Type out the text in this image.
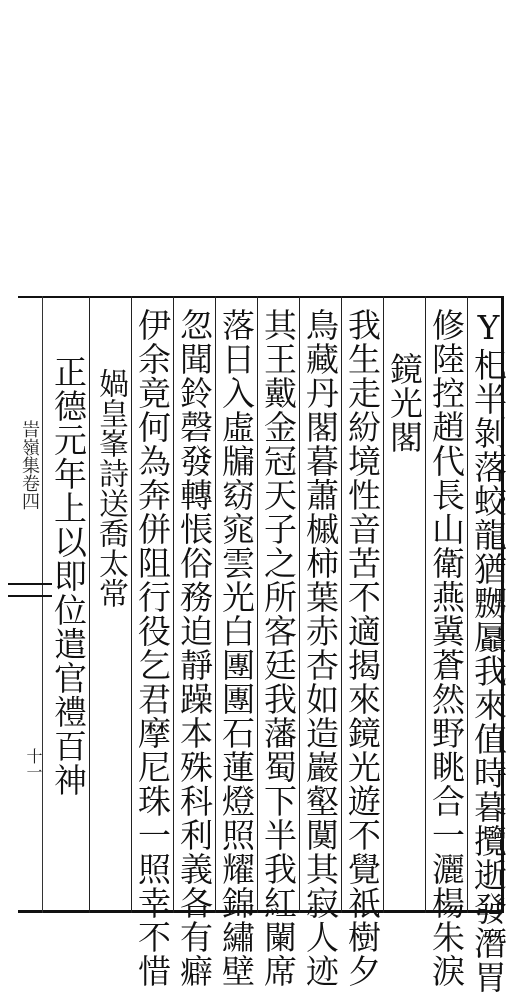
峕嶺集卷四
十一	Y𣏌半剝落蛟龍猶嬲屭我來值時暮攬逝發潛胃
修陸控趙代長山衛燕冀蒼然野眺合一灑楊朱淚
鏡光閣
我生走紛境性音苦不適揭來鏡光遊不覺祇樹夕
鳥藏丹閣暮蕭槭柿葉赤杏如造巖壑闃其寂人迹
其王戴金冠天子之所客廷我藩蜀下半我紅闌席
落日入虛牖窈窕雲光白團團石蓮燈照耀錦繡壁
忽聞鈴磬發轉悵俗務迫靜躁本殊科利義各有癖
伊余竟何為奔併阻行役乞君摩尼珠一照幸不惜
媧皇峯詩送喬太常
正德元年上以即位遣官禮百神
